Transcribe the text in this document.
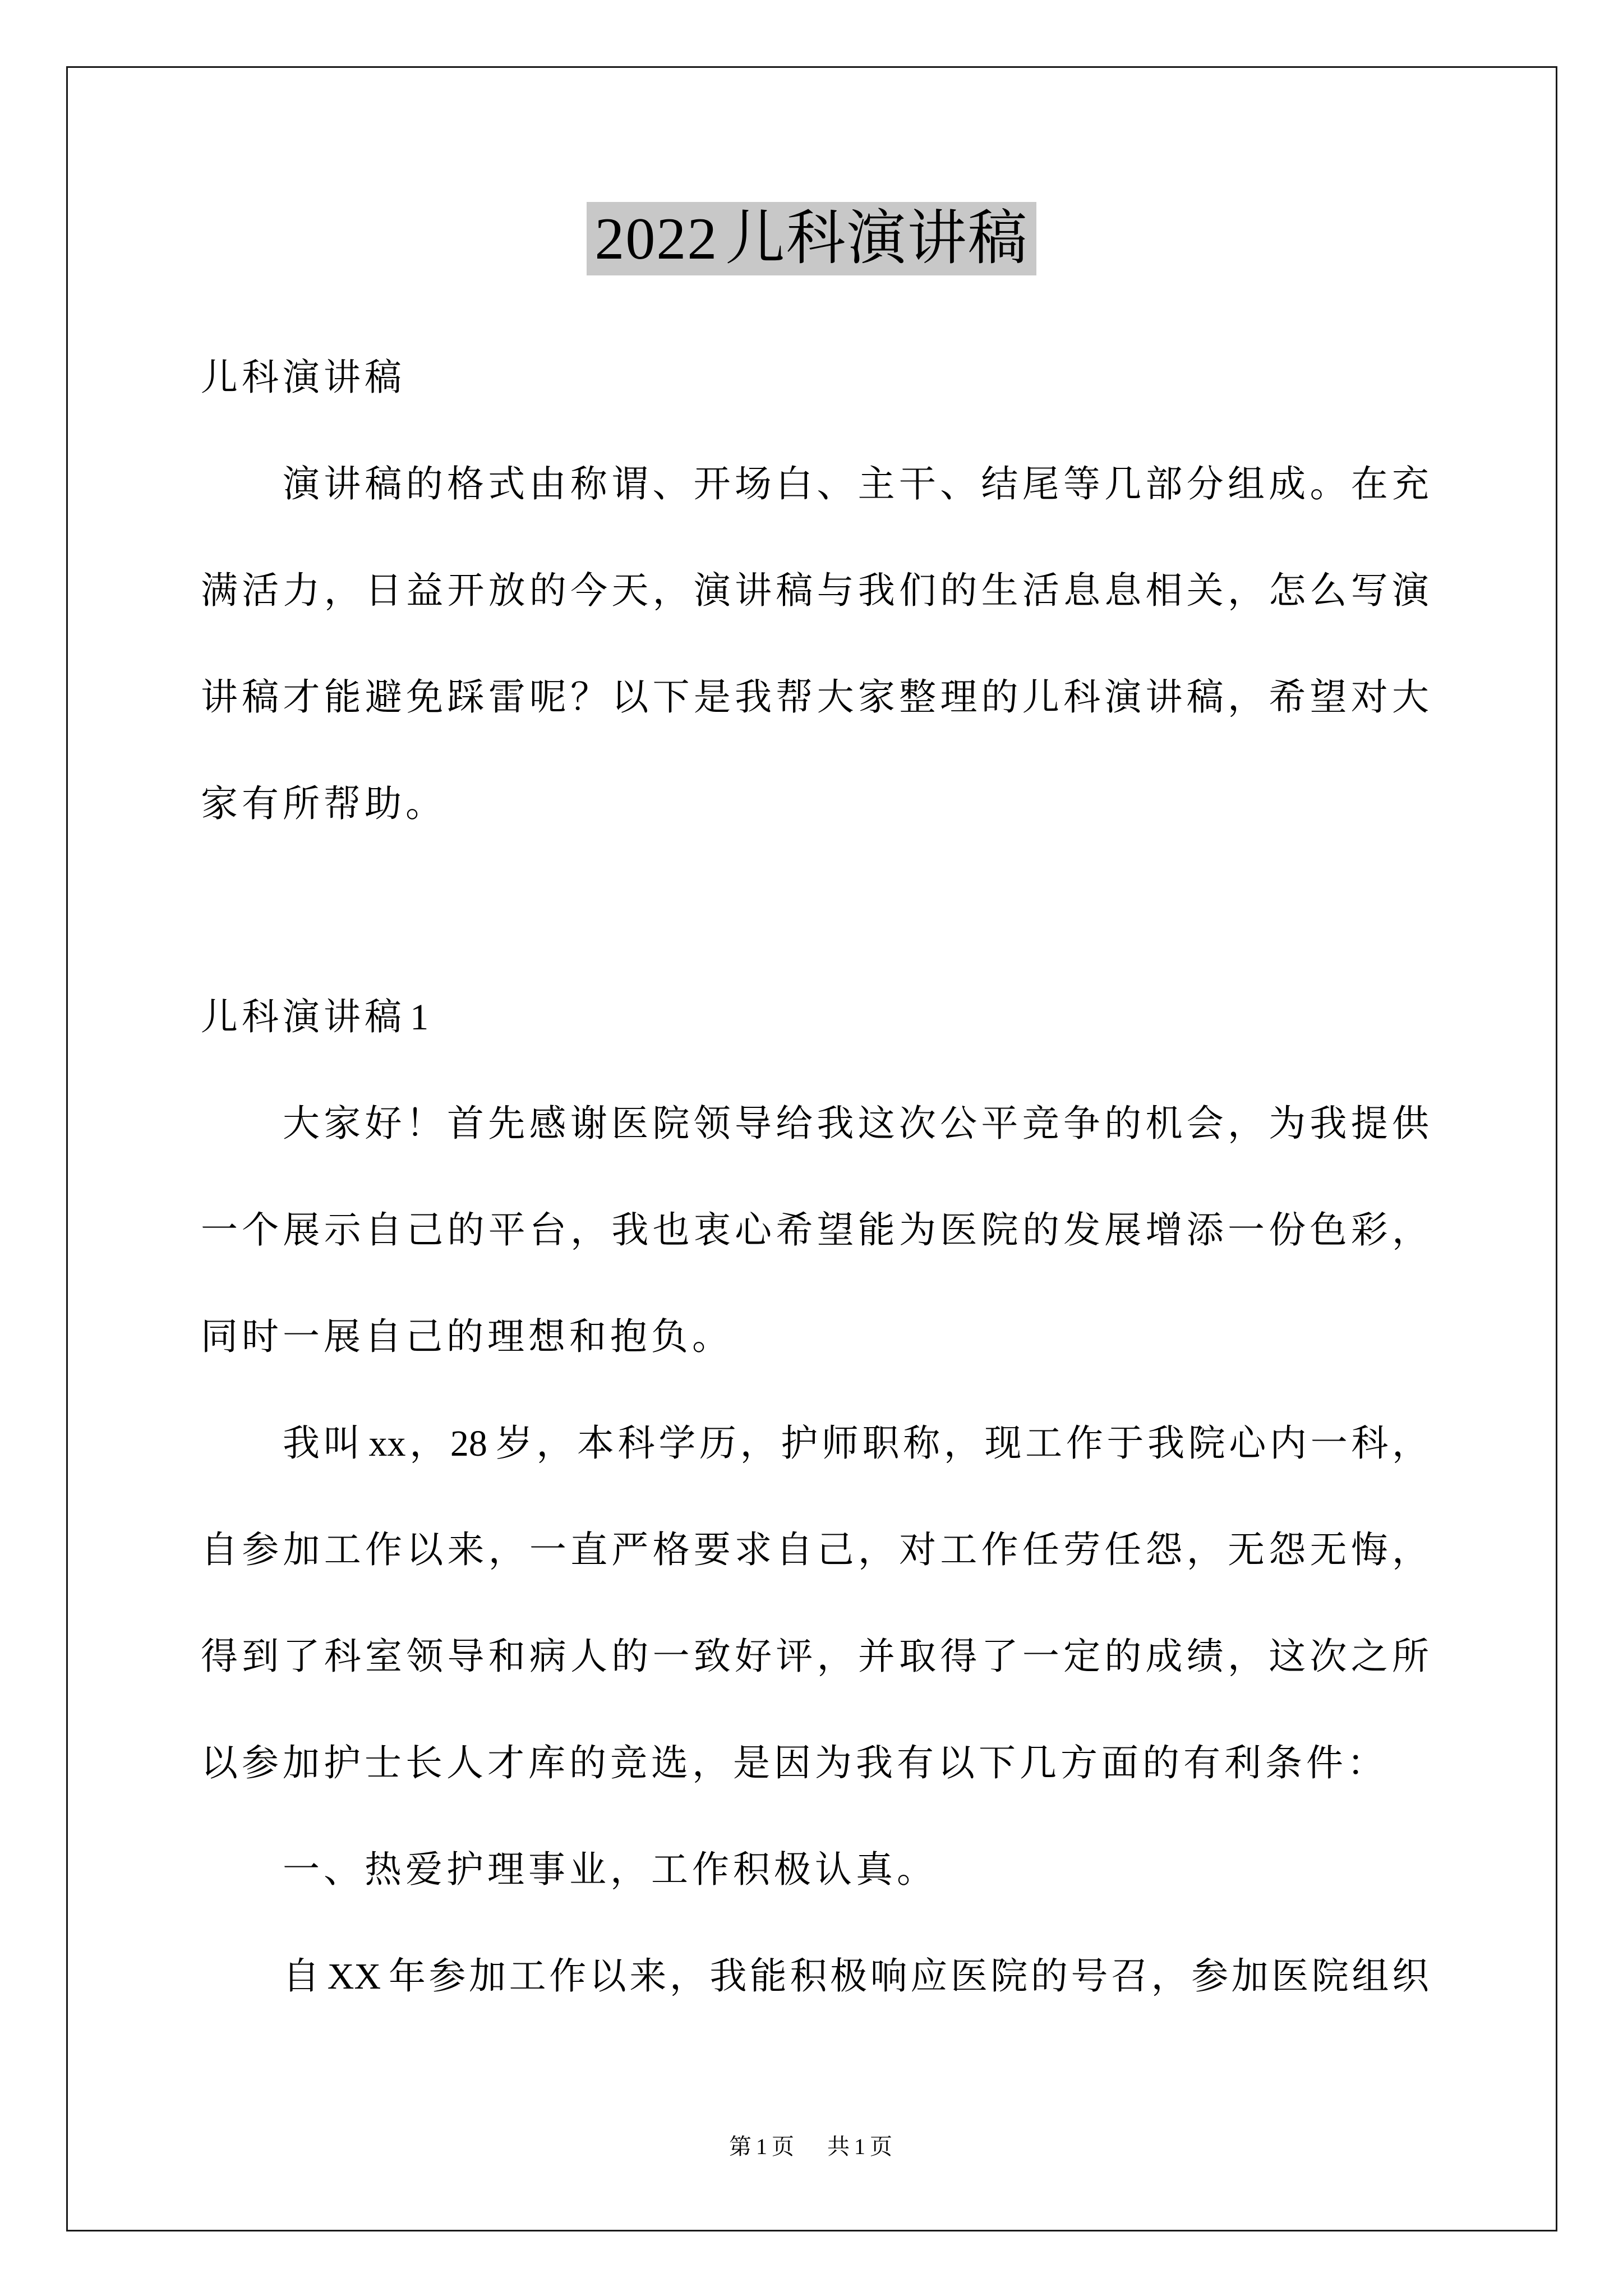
2022儿科演讲稿
儿科演讲稿
演讲稿的格式由称谓、开场白、主干、结尾等几部分组成。在充
满活力，日益开放的今天，演讲稿与我们的生活息息相关，怎么写演
讲稿才能避免踩雷呢？以下是我帮大家整理的儿科演讲稿，希望对大
家有所帮助。
儿科演讲稿1
大家好！首先感谢医院领导给我这次公平竞争的机会，为我提供
一个展示自己的平台，我也衷心希望能为医院的发展增添一份色彩，
同时一展自己的理想和抱负。
我叫xx，28岁，本科学历，护师职称，现工作于我院心内一科，
自参加工作以来，一直严格要求自己，对工作任劳任怨，无怨无悔，
得到了科室领导和病人的一致好评，并取得了一定的成绩，这次之所
以参加护士长人才库的竞选，是因为我有以下几方面的有利条件：
一、热爱护理事业，工作积极认真。
自XX年参加工作以来，我能积极响应医院的号召，参加医院组织
第1页 共1页
